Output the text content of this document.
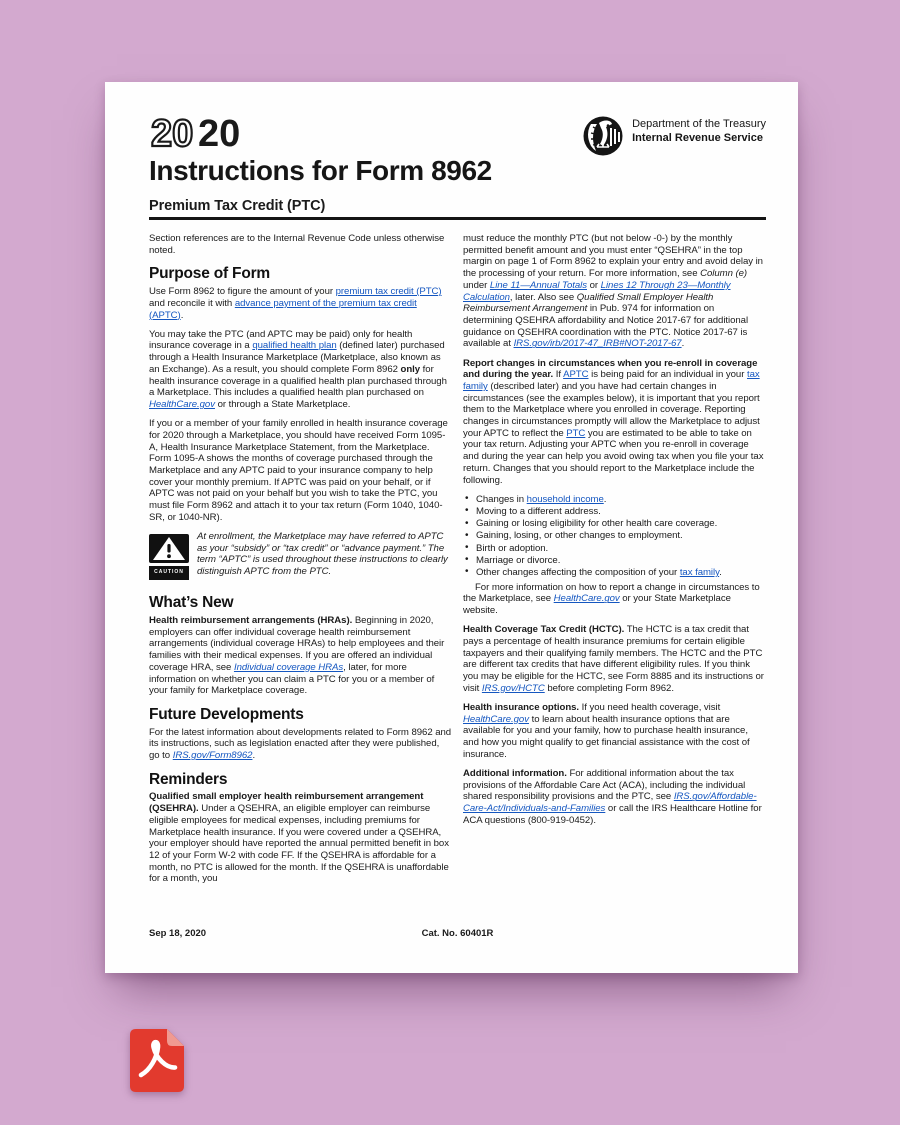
20 20
Instructions for Form 8962
Department of the Treasury
Internal Revenue Service
Premium Tax Credit (PTC)

Section references are to the Internal Revenue Code unless otherwise noted.

Purpose of Form

Use Form 8962 to figure the amount of your premium tax credit (PTC) and reconcile it with advance payment of the premium tax credit (APTC).

You may take the PTC (and APTC may be paid) only for health insurance coverage in a qualified health plan (defined later) purchased through a Health Insurance Marketplace (Marketplace, also known as an Exchange). As a result, you should complete Form 8962 only for health insurance coverage in a qualified health plan purchased through a Marketplace. This includes a qualified health plan purchased on HealthCare.gov or through a State Marketplace.

If you or a member of your family enrolled in health insurance coverage for 2020 through a Marketplace, you should have received Form 1095-A, Health Insurance Marketplace Statement, from the Marketplace. Form 1095-A shows the months of coverage purchased through the Marketplace and any APTC paid to your insurance company to help cover your monthly premium. If APTC was paid on your behalf, or if APTC was not paid on your behalf but you wish to take the PTC, you must file Form 8962 and attach it to your tax return (Form 1040, 1040-SR, or 1040-NR).

CAUTION

At enrollment, the Marketplace may have referred to APTC as your “subsidy” or “tax credit” or “advance payment.” The term “APTC” is used throughout these instructions to clearly distinguish APTC from the PTC.

What’s New

Health reimbursement arrangements (HRAs). Beginning in 2020, employers can offer individual coverage health reimbursement arrangements (individual coverage HRAs) to help employees and their families with their medical expenses. If you are offered an individual coverage HRA, see Individual coverage HRAs, later, for more information on whether you can claim a PTC for you or a member of your family for Marketplace coverage.

Future Developments

For the latest information about developments related to Form 8962 and its instructions, such as legislation enacted after they were published, go to IRS.gov/Form8962.

Reminders

Qualified small employer health reimbursement arrangement (QSEHRA). Under a QSEHRA, an eligible employer can reimburse eligible employees for medical expenses, including premiums for Marketplace health insurance. If you were covered under a QSEHRA, your employer should have reported the annual permitted benefit in box 12 of your Form W-2 with code FF. If the QSEHRA is affordable for a month, no PTC is allowed for the month. If the QSEHRA is unaffordable for a month, you

must reduce the monthly PTC (but not below -0-) by the monthly permitted benefit amount and you must enter “QSEHRA” in the top margin on page 1 of Form 8962 to explain your entry and avoid delay in the processing of your return. For more information, see Column (e) under Line 11—Annual Totals or Lines 12 Through 23—Monthly Calculation, later. Also see Qualified Small Employer Health Reimbursement Arrangement in Pub. 974 for information on determining QSEHRA affordability and Notice 2017-67 for additional guidance on QSEHRA coordination with the PTC. Notice 2017-67 is available at IRS.gov/irb/2017-47_IRB#NOT-2017-67.

Report changes in circumstances when you re-enroll in coverage and during the year. If APTC is being paid for an individual in your tax family (described later) and you have had certain changes in circumstances (see the examples below), it is important that you report them to the Marketplace where you enrolled in coverage. Reporting changes in circumstances promptly will allow the Marketplace to adjust your APTC to reflect the PTC you are estimated to be able to take on your tax return. Adjusting your APTC when you re-enroll in coverage and during the year can help you avoid owing tax when you file your tax return. Changes that you should report to the Marketplace include the following.

• Changes in household income.
• Moving to a different address.
• Gaining or losing eligibility for other health care coverage.
• Gaining, losing, or other changes to employment.
• Birth or adoption.
• Marriage or divorce.
• Other changes affecting the composition of your tax family.

For more information on how to report a change in circumstances to the Marketplace, see HealthCare.gov or your State Marketplace website.

Health Coverage Tax Credit (HCTC). The HCTC is a tax credit that pays a percentage of health insurance premiums for certain eligible taxpayers and their qualifying family members. The HCTC and the PTC are different tax credits that have different eligibility rules. If you think you may be eligible for the HCTC, see Form 8885 and its instructions or visit IRS.gov/HCTC before completing Form 8962.

Health insurance options. If you need health coverage, visit HealthCare.gov to learn about health insurance options that are available for you and your family, how to purchase health insurance, and how you might qualify to get financial assistance with the cost of insurance.

Additional information. For additional information about the tax provisions of the Affordable Care Act (ACA), including the individual shared responsibility provisions and the PTC, see IRS.gov/Affordable-Care-Act/Individuals-and-Families or call the IRS Healthcare Hotline for ACA questions (800-919-0452).

Cat. No. 60401R
Sep 18, 2020
